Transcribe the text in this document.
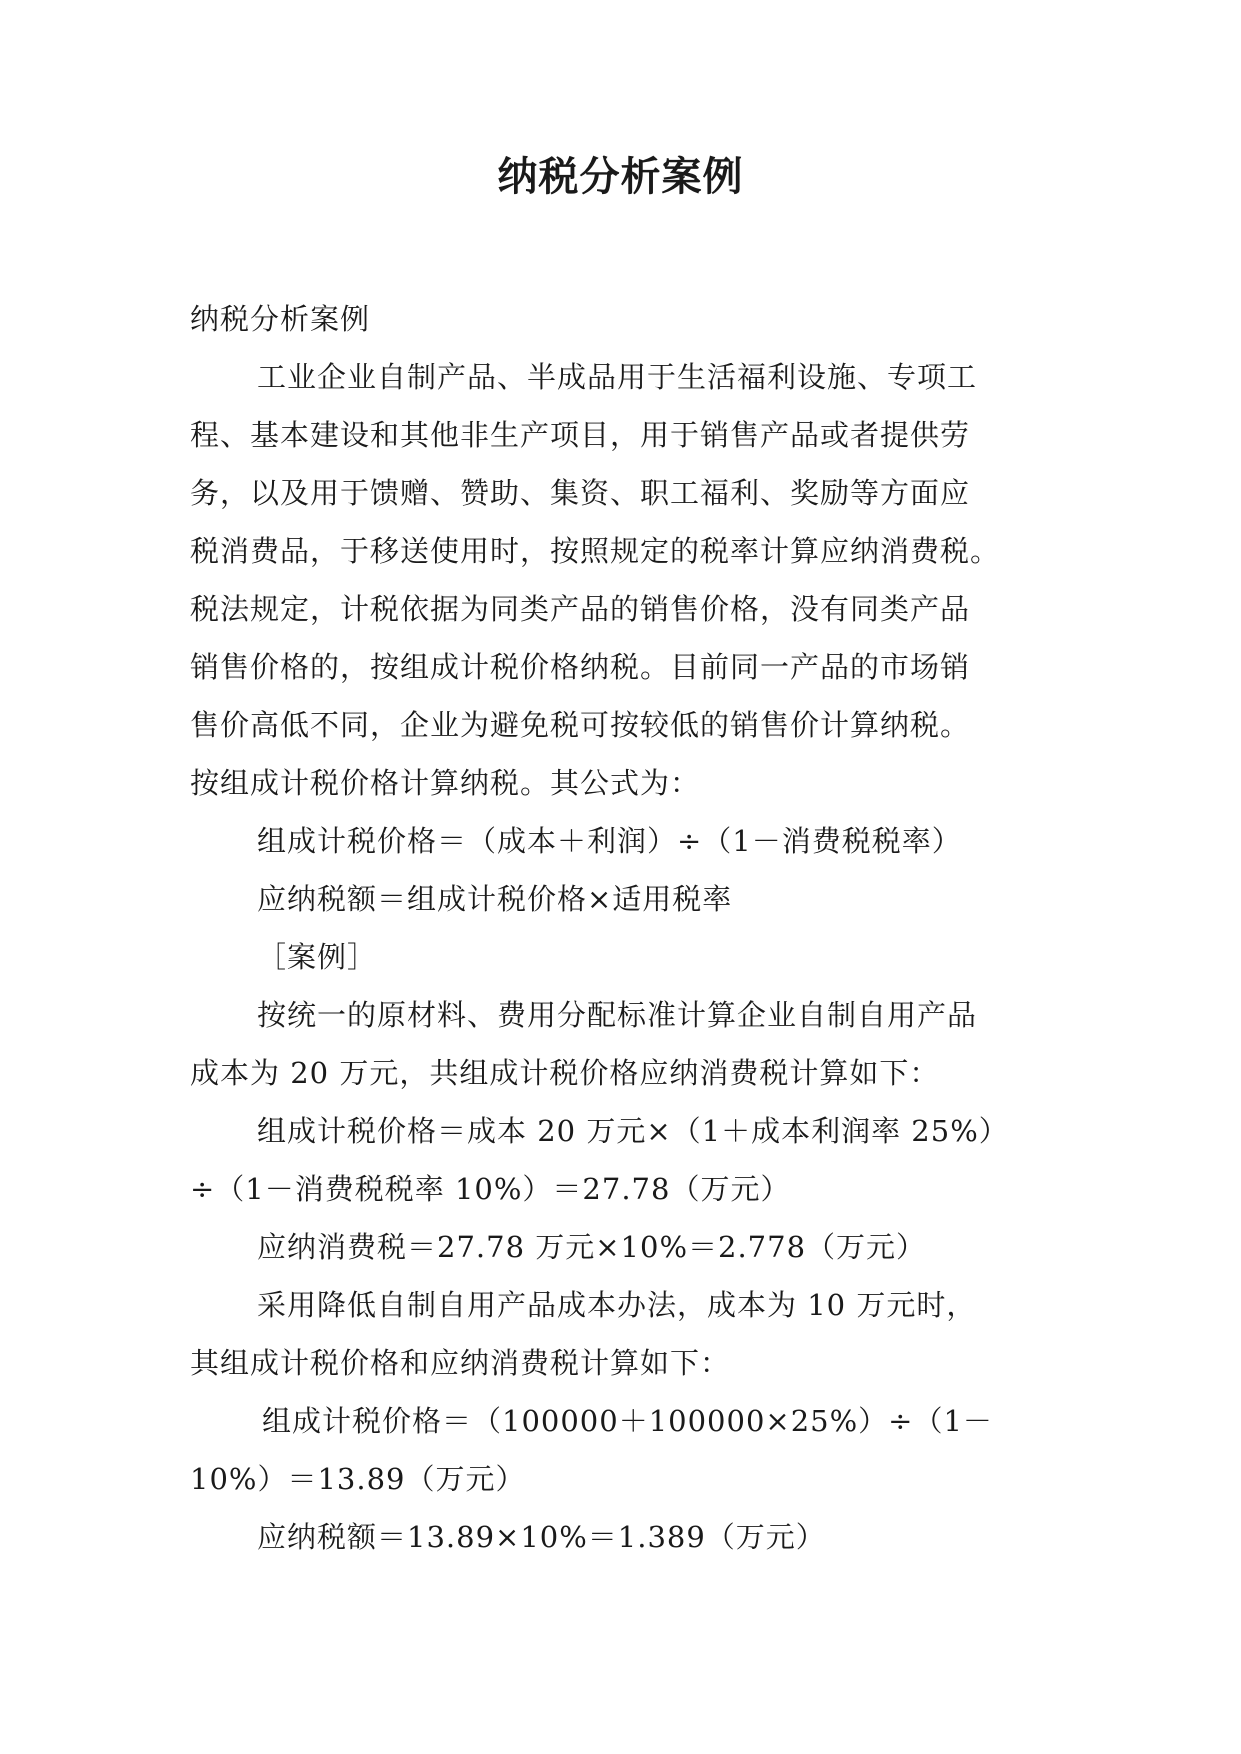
纳税分析案例
纳税分析案例
工业企业自制产品、半成品用于生活福利设施、专项工
程、基本建设和其他非生产项目，用于销售产品或者提供劳
务，以及用于馈赠、赞助、集资、职工福利、奖励等方面应
税消费品，于移送使用时，按照规定的税率计算应纳消费税。
税法规定，计税依据为同类产品的销售价格，没有同类产品
销售价格的，按组成计税价格纳税。目前同一产品的市场销
售价高低不同，企业为避免税可按较低的销售价计算纳税。
按组成计税价格计算纳税。其公式为：
组成计税价格＝（成本＋利润）÷（1－消费税税率）
应纳税额＝组成计税价格×适用税率
［案例］
按统一的原材料、费用分配标准计算企业自制自用产品
成本为 20 万元，共组成计税价格应纳消费税计算如下：
组成计税价格＝成本 20 万元×（1＋成本利润率 25%）
÷（1－消费税税率 10%）＝27.78（万元）
应纳消费税＝27.78 万元×10%＝2.778（万元）
采用降低自制自用产品成本办法，成本为 10 万元时，
其组成计税价格和应纳消费税计算如下：
组成计税价格＝（100000＋100000×25%）÷（1－
10%）＝13.89（万元）
应纳税额＝13.89×10%＝1.389（万元）
